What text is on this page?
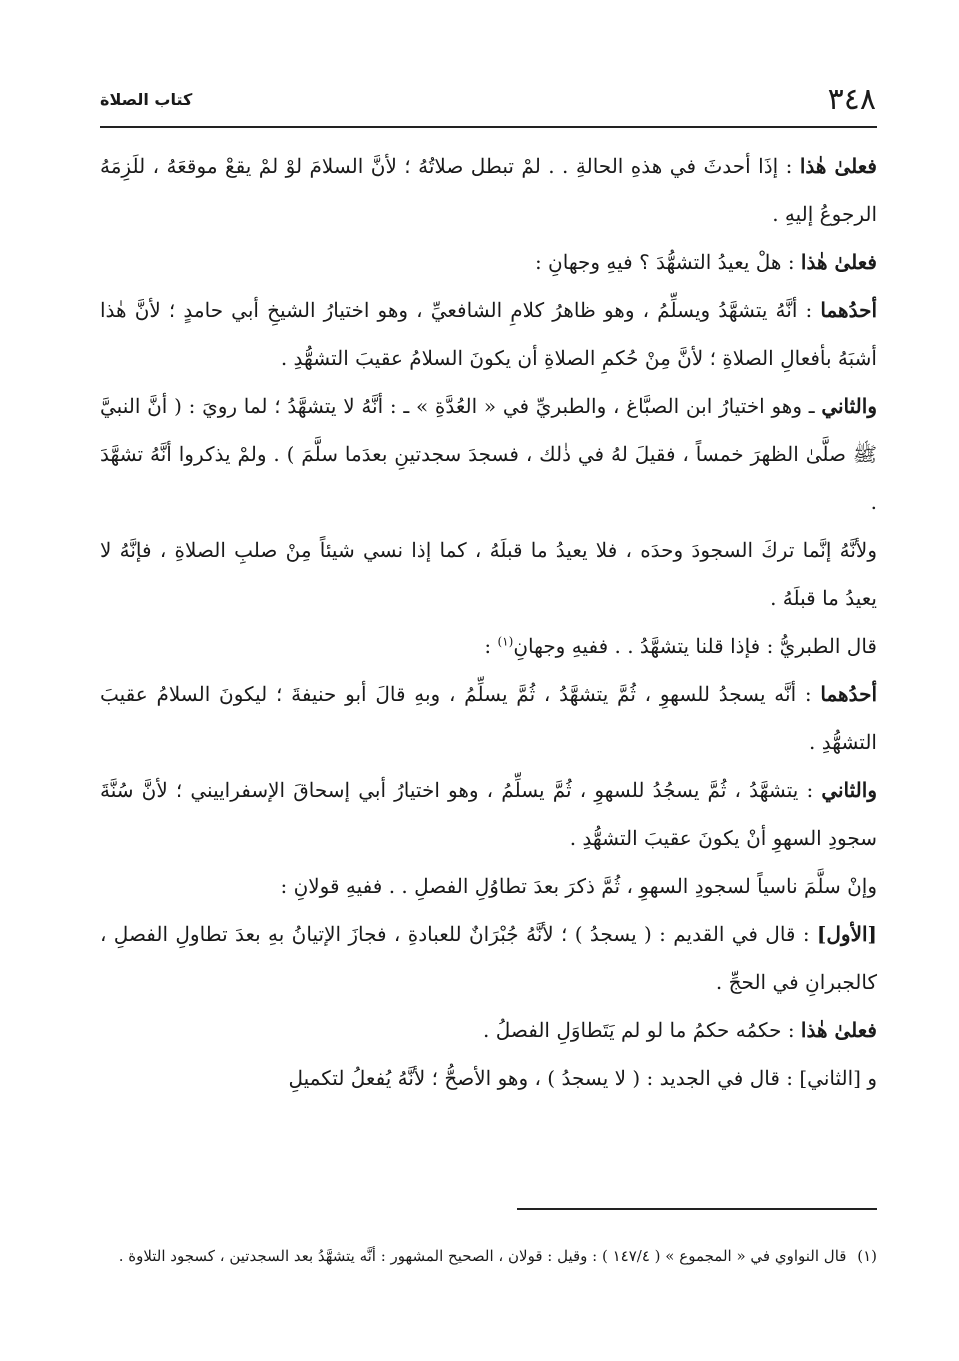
٣٤٨
كتاب الصلاة

فعلىٰ هٰذا : إذَا أحدثَ في هذهِ الحالةِ . . لمْ تبطل صلاتُهُ ؛ لأنَّ السلامَ لوْ لمْ يقعْ موقعَهُ ، للَزِمَهُ الرجوعُ إليهِ .

فعلىٰ هٰذا : هلْ يعيدُ التشهُّدَ ؟ فيهِ وجهانِ :

أحدُهما : أنَّهُ يتشهَّدُ ويسلِّمُ ، وهو ظاهرُ كلامِ الشافعيِّ ، وهو اختيارُ الشيخِ أبي حامدٍ ؛ لأنَّ هٰذا أشبَهُ بأفعالِ الصلاةِ ؛ لأنَّ مِنْ حُكمِ الصلاةِ أن يكونَ السلامُ عقيبَ التشهُّدِ .

والثاني ـ وهو اختيارُ ابن الصبَّاغ ، والطبريِّ في « العُدَّةِ » ـ : أنَّهُ لا يتشهَّدُ ؛ لما رويَ : ( أنَّ النبيَّ ﷺ صلَّىٰ الظهرَ خمساً ، فقيلَ لهُ في ذٰلك ، فسجدَ سجدتينِ بعدَما سلَّمَ ) . ولمْ يذكروا أنَّهُ تشهَّدَ .

ولأنَّهُ إنَّما تركَ السجودَ وحدَه ، فلا يعيدُ ما قبلَهُ ، كما إذا نسي شيئاً مِنْ صلبِ الصلاةِ ، فإنَّهُ لا يعيدُ ما قبلَهُ .

قال الطبريُّ : فإذا قلنا يتشهَّدُ . . ففيهِ وجهانِ$^{(١)}$ :

أحدُهما : أنَّه يسجدُ للسهوِ ، ثُمَّ يتشهَّدُ ، ثُمَّ يسلِّمُ ، وبهِ قالَ أبو حنيفةَ ؛ ليكونَ السلامُ عقيبَ التشهُّدِ .

والثاني : يتشهَّدُ ، ثُمَّ يسجُدُ للسهوِ ، ثُمَّ يسلِّمُ ، وهو اختيارُ أبي إسحاقَ الإسفراييني ؛ لأنَّ سُنَّةَ سجودِ السهوِ أنْ يكونَ عقيبَ التشهُّدِ .

وإنْ سلَّمَ ناسياً لسجودِ السهوِ ، ثُمَّ ذكرَ بعدَ تطاوُلِ الفصلِ . . ففيهِ قولانِ :

[الأول] : قال في القديم : ( يسجدُ ) ؛ لأنَّهُ جُبْرَانٌ للعبادةِ ، فجازَ الإتيانُ بهِ بعدَ تطاولِ الفصلِ ، كالجبرانِ في الحجِّ .

فعلىٰ هٰذا : حكمُه حكمُ ما لو لم يَتَطاوَلِ الفصلُ .

و [الثاني] : قال في الجديد : ( لا يسجدُ ) ، وهو الأصحُّ ؛ لأنَّهُ يُفعلُ لتكميلِ

(١) قال النواوي في « المجموع » ( ١٤٧/٤ ) : وقيل : قولان ، الصحيح المشهور : أنَّه يتشهَّدُ بعد السجدتين ، كسجود التلاوة .
